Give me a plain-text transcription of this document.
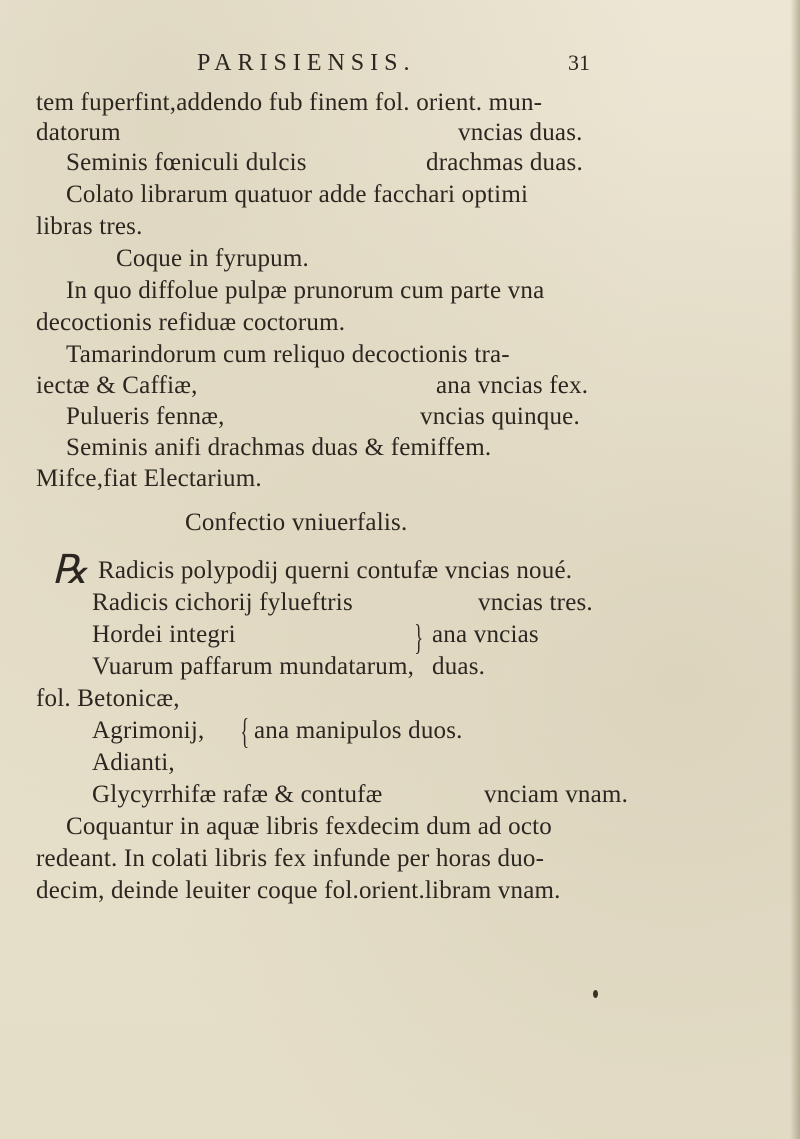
PARISIENSIS.	31
tem fuperfint,addendo fub finem fol. orient. mun-
datorum	vncias duas.
Seminis fœniculi dulcis	drachmas duas.
Colato librarum quatuor adde facchari optimi
libras tres.
Coque in fyrupum.
In quo diffolue pulpæ prunorum cum parte vna
decoctionis refiduæ coctorum.
Tamarindorum cum reliquo decoctionis tra-
iectæ & Caffiæ,	ana vncias fex.
Pulueris fennæ,	vncias quinque.
Seminis anifi drachmas duas & femiffem.
Mifce,fiat Electarium.
Confectio vniuerfalis.
℞ Radicis polypodij querni contufæ vncias noué.
Radicis cichorij fylueftris	vncias tres.
Hordei integri	} ana vncias
Vuarum paffarum mundatarum, duas.
fol. Betonicæ,
Agrimonij, { ana manipulos duos.
Adianti,
Glycyrrhifæ rafæ & contufæ	vnciam vnam.
Coquantur in aquæ libris fexdecim dum ad octo
redeant. In colati libris fex infunde per horas duo-
decim, deinde leuiter coque fol.orient.libram vnam.
